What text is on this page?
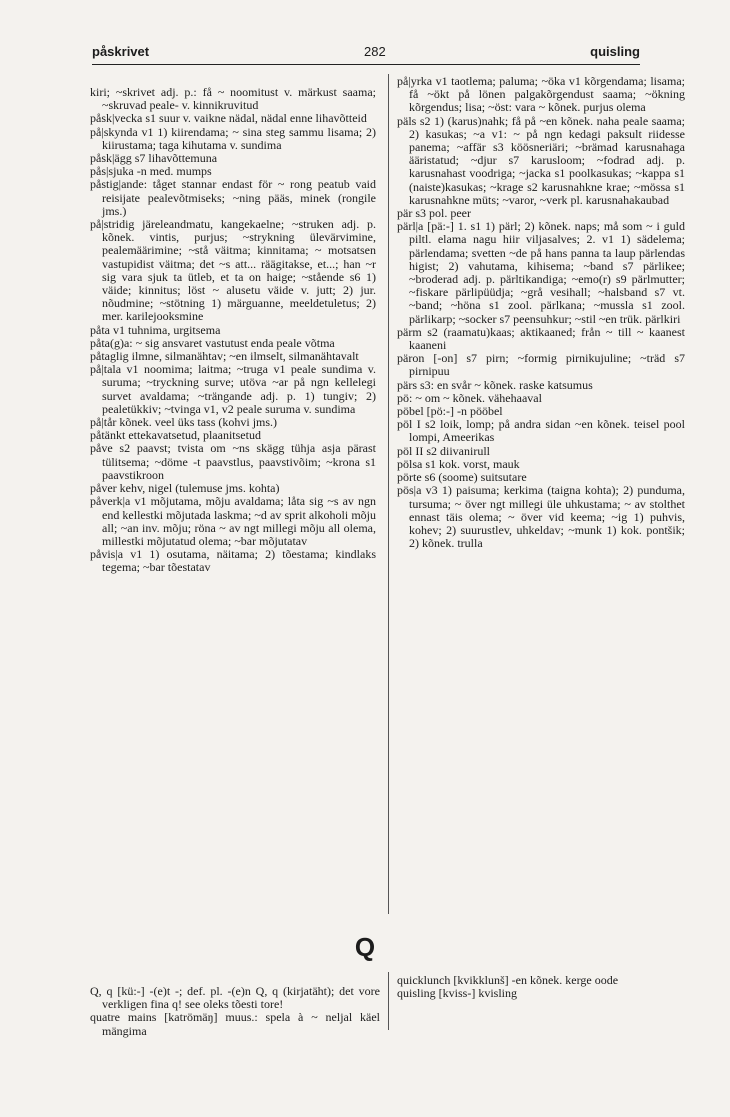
påskrivet	282	quisling

kiri; ~skrivet adj. p.: få ~ noomitust v. märkust saama; ~skruvad peale- v. kinnikruvitud

påsk|vecka s1 suur v. vaikne nädal, nädal enne lihavõtteid

på|skynda v1 1) kiirendama; ~ sina steg sammu lisama; 2) kiirustama; taga kihutama v. sundima

påsk|ägg s7 lihavõttemuna

pås|sjuka -n med. mumps

påstig|ande: tåget stannar endast för ~ rong peatub vaid reisijate pealevõtmiseks; ~ning pääs, minek (rongile jms.)

på|stridig järeleandmatu, kangekaelne; ~struken adj. p. kõnek. vintis, purjus; ~strykning ülevärvimine, pealemäärimine; ~stå väitma; kinnitama; ~ motsatsen vastupidist väitma; det ~s att... räägitakse, et...; han ~r sig vara sjuk ta ütleb, et ta on haige; ~stående s6 1) väide; kinnitus; löst ~ alusetu väide v. jutt; 2) jur. nõudmine; ~stötning 1) märguanne, meeldetuletus; 2) mer. karilejooksmine

påta v1 tuhnima, urgitsema

påta(g)a: ~ sig ansvaret vastutust enda peale võtma

påtaglig ilmne, silmanähtav; ~en ilmselt, silmanähtavalt

på|tala v1 noomima; laitma; ~truga v1 peale sundima v. suruma; ~tryckning surve; utöva ~ar på ngn kellelegi survet avaldama; ~trängande adj. p. 1) tungiv; 2) pealetükkiv; ~tvinga v1, v2 peale suruma v. sundima

på|tår kõnek. veel üks tass (kohvi jms.)

påtänkt ettekavatsetud, plaanitsetud

påve s2 paavst; tvista om ~ns skägg tühja asja pärast tülitsema; ~döme -t paavstlus, paavstivõim; ~krona s1 paavstikroon

påver kehv, nigel (tulemuse jms. kohta)

påverk|a v1 mõjutama, mõju avaldama; låta sig ~s av ngn end kellestki mõjutada laskma; ~d av sprit alkoholi mõju all; ~an inv. mõju; röna ~ av ngt millegi mõju all olema, millestki mõjutatud olema; ~bar mõjutatav

påvis|a v1 1) osutama, näitama; 2) tõestama; kindlaks tegema; ~bar tõestatav

på|yrka v1 taotlema; paluma; ~öka v1 kõrgendama; lisama; få ~ökt på lönen palgakõrgendust saama; ~ökning kõrgendus; lisa; ~öst: vara ~ kõnek. purjus olema

päls s2 1) (karus)nahk; få på ~en kõnek. naha peale saama; 2) kasukas; ~a v1: ~ på ngn kedagi paksult riidesse panema; ~affär s3 köösneriäri; ~brämad karusnahaga ääristatud; ~djur s7 karusloom; ~fodrad adj. p. karusnahast voodriga; ~jacka s1 poolkasukas; ~kappa s1 (naiste)kasukas; ~krage s2 karusnahkne krae; ~mössa s1 karusnahkne müts; ~varor, ~verk pl. karusnahakaubad

pär s3 pol. peer

pärl|a [pä:-] 1. s1 1) pärl; 2) kõnek. naps; må som ~ i guld piltl. elama nagu hiir viljasalves; 2. v1 1) sädelema; pärlendama; svetten ~de på hans panna ta laup pärlendas higist; 2) vahutama, kihisema; ~band s7 pärlikee; ~broderad adj. p. pärltikandiga; ~emo(r) s9 pärlmutter; ~fiskare pärlipüüdja; ~grå vesihall; ~halsband s7 vt. ~band; ~höna s1 zool. pärlkana; ~mussla s1 zool. pärlikarp; ~socker s7 peensuhkur; ~stil ~en trük. pärlkiri

pärm s2 (raamatu)kaas; aktikaaned; från ~ till ~ kaanest kaaneni

päron [-on] s7 pirn; ~formig pirnikujuline; ~träd s7 pirnipuu

pärs s3: en svår ~ kõnek. raske katsumus

pö: ~ om ~ kõnek. vähehaaval

pöbel [pö:-] -n pööbel

pöl I s2 loik, lomp; på andra sidan ~en kõnek. teisel pool lompi, Ameerikas

pöl II s2 diivanirull

pölsa s1 kok. vorst, mauk

pörte s6 (soome) suitsutare

pös|a v3 1) paisuma; kerkima (taigna kohta); 2) punduma, tursuma; ~ över ngt millegi üle uhkustama; ~ av stolthet ennast täis olema; ~ över vid keema; ~ig 1) puhvis, kohev; 2) suurustlev, uhkeldav; ~munk 1) kok. pontšik; 2) kõnek. trulla

Q

Q, q [kü:-] -(e)t -; def. pl. -(e)n Q, q (kirjatäht); det vore verkligen fina q! see oleks tõesti tore!

quatre mains [katrömäŋ] muus.: spela à ~ neljal käel mängima

quicklunch [kvikklunš] -en kõnek. kerge oode

quisling [kviss-] kvisling
